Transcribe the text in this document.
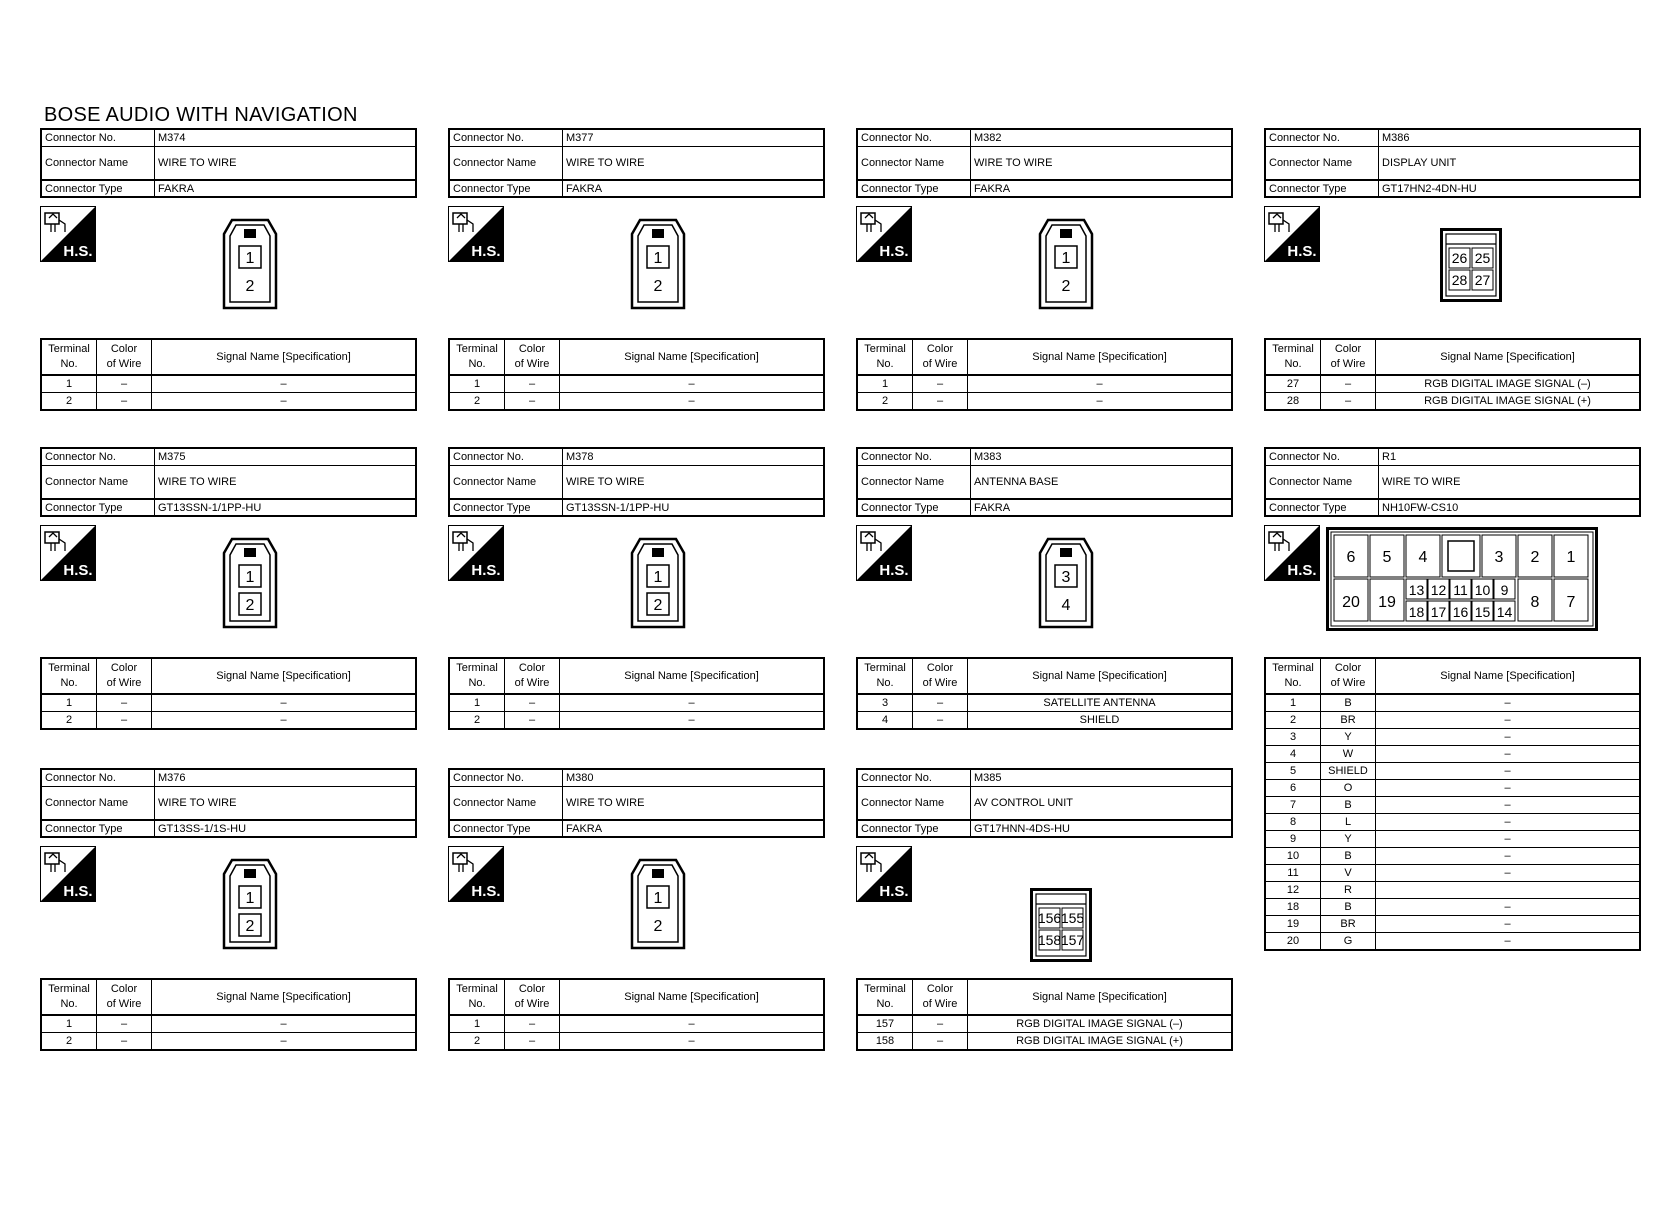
BOSE AUDIO WITH NAVIGATION
Connector No.	M374
Connector Name	WIRE TO WIRE
Connector Type	FAKRA
H.S.	1
2
Terminal
No.	Color
of Wire	Signal Name [Specification]
1	–	–
2	–	–
Connector No.	M377
Connector Name	WIRE TO WIRE
Connector Type	FAKRA
H.S.	1
2
Terminal
No.	Color
of Wire	Signal Name [Specification]
1	–	–
2	–	–
Connector No.	M382
Connector Name	WIRE TO WIRE
Connector Type	FAKRA
H.S.	1
2
Terminal
No.	Color
of Wire	Signal Name [Specification]
1	–	–
2	–	–
Connector No.	M386
Connector Name	DISPLAY UNIT
Connector Type	GT17HN2-4DN-HU
H.S.	26 25
28 27
Terminal
No.	Color
of Wire	Signal Name [Specification]
27	–	RGB DIGITAL IMAGE SIGNAL (–)
28	–	RGB DIGITAL IMAGE SIGNAL (+)
Connector No.	M375
Connector Name	WIRE TO WIRE
Connector Type	GT13SSN-1/1PP-HU
H.S.	1
2
Terminal
No.	Color
of Wire	Signal Name [Specification]
1	–	–
2	–	–
Connector No.	M378
Connector Name	WIRE TO WIRE
Connector Type	GT13SSN-1/1PP-HU
H.S.	1
2
Terminal
No.	Color
of Wire	Signal Name [Specification]
1	–	–
2	–	–
Connector No.	M383
Connector Name	ANTENNA BASE
Connector Type	FAKRA
H.S.	3
4
Terminal
No.	Color
of Wire	Signal Name [Specification]
3	–	SATELLITE ANTENNA
4	–	SHIELD
Connector No.	R1
Connector Name	WIRE TO WIRE
Connector Type	NH10FW-CS10
H.S.
6 5 4	3 2 1
20 19	8 7
13
18
12
17
11
16
10
15
9
14
Terminal
No.	Color
of Wire	Signal Name [Specification]
1	B	–
2	BR	–
3	Y	–
4	W	–
5	SHIELD	–
6	O	–
7	B	–
8	L	–
9	Y	–
10	B	–
11	V	–
12	R	
18	B	–
19	BR	–
20	G	–
Connector No.	M376
Connector Name	WIRE TO WIRE
Connector Type	GT13SS-1/1S-HU
H.S.	1
2
Terminal
No.	Color
of Wire	Signal Name [Specification]
1	–	–
2	–	–
Connector No.	M380
Connector Name	WIRE TO WIRE
Connector Type	FAKRA
H.S.	1
2
Terminal
No.	Color
of Wire	Signal Name [Specification]
1	–	–
2	–	–
Connector No.	M385
Connector Name	AV CONTROL UNIT
Connector Type	GT17HNN-4DS-HU
H.S.
156 155
158 157
Terminal
No.	Color
of Wire	Signal Name [Specification]
157	–	RGB DIGITAL IMAGE SIGNAL (–)
158	–	RGB DIGITAL IMAGE SIGNAL (+)
